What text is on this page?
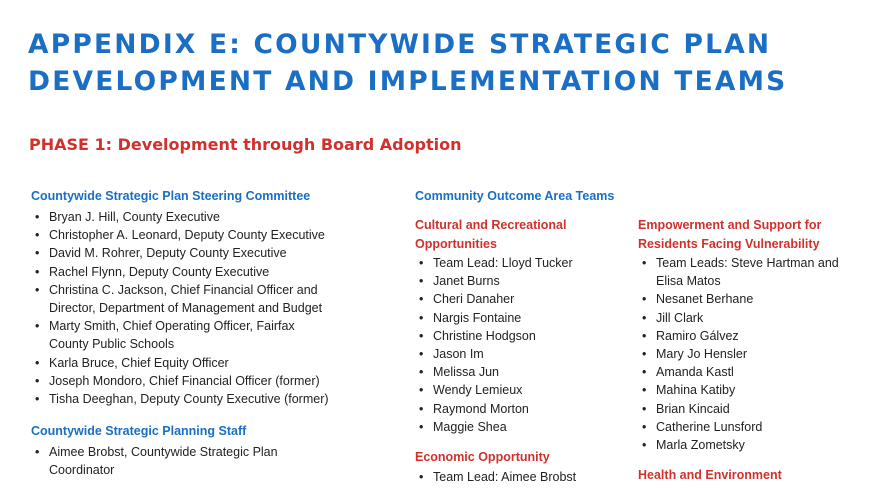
APPENDIX E: COUNTYWIDE STRATEGIC PLAN
DEVELOPMENT AND IMPLEMENTATION TEAMS
PHASE 1: Development through Board Adoption
Countywide Strategic Plan Steering Committee
• Bryan J. Hill, County Executive
• Christopher A. Leonard, Deputy County Executive
• David M. Rohrer, Deputy County Executive
• Rachel Flynn, Deputy County Executive
• Christina C. Jackson, Chief Financial Officer and Director, Department of Management and Budget
• Marty Smith, Chief Operating Officer, Fairfax County Public Schools
• Karla Bruce, Chief Equity Officer
• Joseph Mondoro, Chief Financial Officer (former)
• Tisha Deeghan, Deputy County Executive (former)
Countywide Strategic Planning Staff
• Aimee Brobst, Countywide Strategic Plan Coordinator
Community Outcome Area Teams
Cultural and Recreational Opportunities
• Team Lead: Lloyd Tucker
• Janet Burns
• Cheri Danaher
• Nargis Fontaine
• Christine Hodgson
• Jason Im
• Melissa Jun
• Wendy Lemieux
• Raymond Morton
• Maggie Shea
Economic Opportunity
• Team Lead: Aimee Brobst
Empowerment and Support for Residents Facing Vulnerability
• Team Leads: Steve Hartman and Elisa Matos
• Nesanet Berhane
• Jill Clark
• Ramiro Gálvez
• Mary Jo Hensler
• Amanda Kastl
• Mahina Katiby
• Brian Kincaid
• Catherine Lunsford
• Marla Zometsky
Health and Environment
